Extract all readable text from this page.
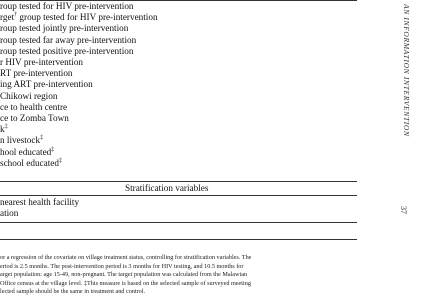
roup tested for HIV pre-intervention
rget† group tested for HIV pre-intervention
roup tested jointly pre-intervention
roup tested far away pre-intervention
roup tested positive pre-intervention
r HIV pre-intervention
RT pre-intervention
ing ART pre-intervention
Chikowi region
ce to health centre
ce to Zomba Town
k‡
n livestock‡
hool educated‡
school educated‡
Stratification variables
nearest health facility
ation
or a regression of the covariate on village treatment status, controlling for stratification variables. The
eriod is 2.5 months. The post-intervention period is 3 months for HIV testing, and 10.5 months for
arget population: age 15-49, non-pregnant. The target population was calculated from the Malawian
Office census at the village level. ‡This measure is based on the selected sample of surveyed meeting
lected sample should be the same in treatment and control.
AN INFORMATION INTERVENTION
37
